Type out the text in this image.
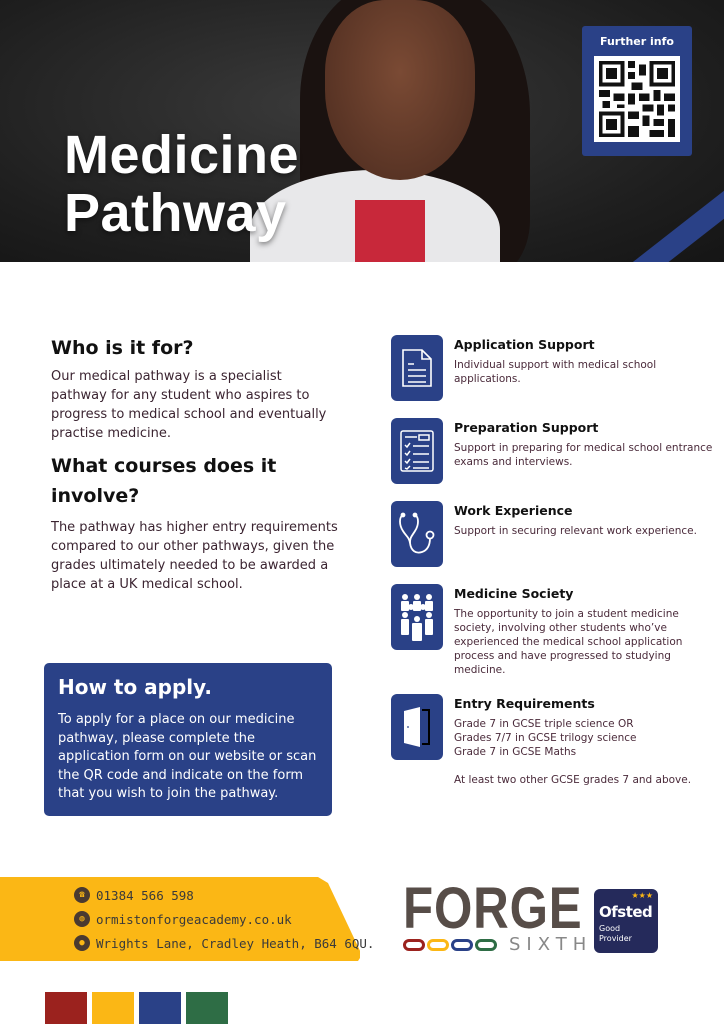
Medicine
Pathway
Further info
Who is it for?

Our medical pathway is a specialist pathway for any student who aspires to progress to medical school and eventually practise medicine.

What courses does it involve?

The pathway has higher entry requirements compared to our other pathways, given the grades ultimately needed to be awarded a place at a UK medical school.

How to apply.

To apply for a place on our medicine pathway, please complete the application form on our website or scan the QR code and indicate on the form that you wish to join the pathway.

Application Support

Individual support with medical school applications.

Preparation Support

Support in preparing for medical school entrance exams and interviews.

Work Experience

Support in securing relevant work experience.

Medicine Society

The opportunity to join a student medicine society, involving other students who’ve experienced the medical school application process and have progressed to studying medicine.

Entry Requirements

Grade 7 in GCSE triple science OR
Grades 7/7 in GCSE trilogy science
Grade 7 in GCSE Maths

At least two other GCSE grades 7 and above.

☎ 01384 566 598
◍ ormistonforgeacademy.co.uk
● Wrights Lane, Cradley Heath, B64 6QU.
FORGE
SIXTH
★★★
Ofsted
Good
Provider
